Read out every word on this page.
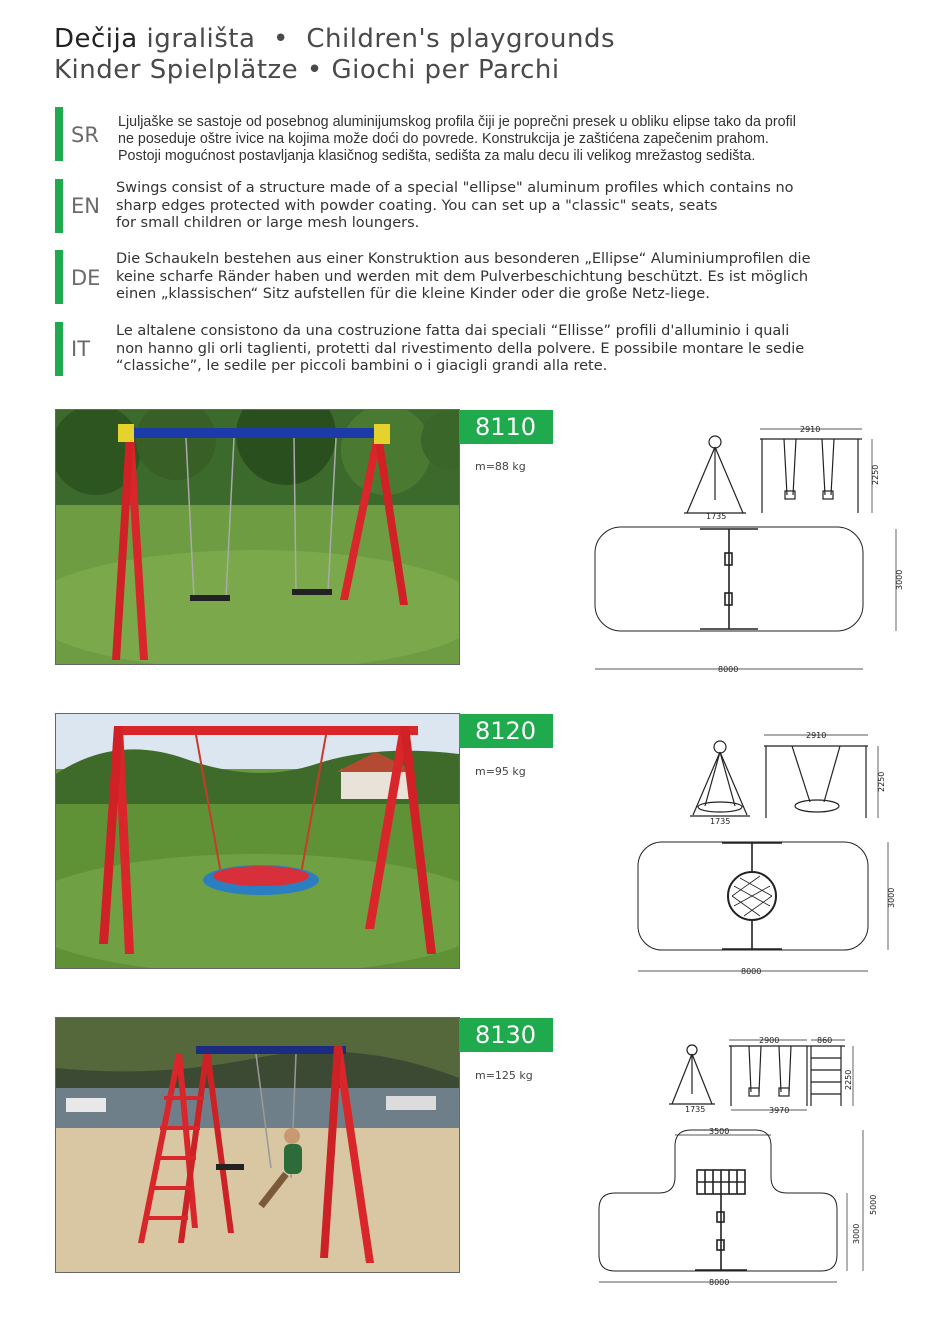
Dečija igrališta  •  Children's playgrounds
Kinder Spielplätze • Giochi per Parchi
SR
Ljuljaške se sastoje od posebnog aluminijumskog profila čiji je poprečni presek u obliku elipse tako da profil
ne poseduje oštre ivice na kojima može doći do povrede. Konstrukcija je zaštićena zapečenim prahom.
Postoji mogućnost postavljanja klasičnog sedišta, sedišta za malu decu ili velikog mrežastog sedišta.
EN
Swings consist of a structure made of a special "ellipse" aluminum profiles which contains no
sharp edges protected with powder coating. You can set up a "classic" seats, seats
for small children or large mesh loungers.
DE
Die Schaukeln bestehen aus einer Konstruktion aus besonderen „Ellipse“ Aluminiumprofilen die
keine scharfe Ränder haben und werden mit dem Pulverbeschichtung beschützt. Es ist möglich
einen „klassischen“ Sitz aufstellen für die kleine Kinder oder die große Netz-liege.
IT
Le altalene consistono da una costruzione fatta dai speciali “Ellisse” profili d'alluminio i quali
non hanno gli orli taglienti, protetti dal rivestimento della polvere. E possibile montare le sedie
“classiche”, le sedile per piccoli bambini o i giacigli grandi alla rete.
8110
m=88 kg
1735
2910
2250
8000
3000
8120
m=95 kg
1735
2910
2250
8000
3000
8130
m=125 kg
1735
2900	860
3970
2250
3500
8000
3000
5000
